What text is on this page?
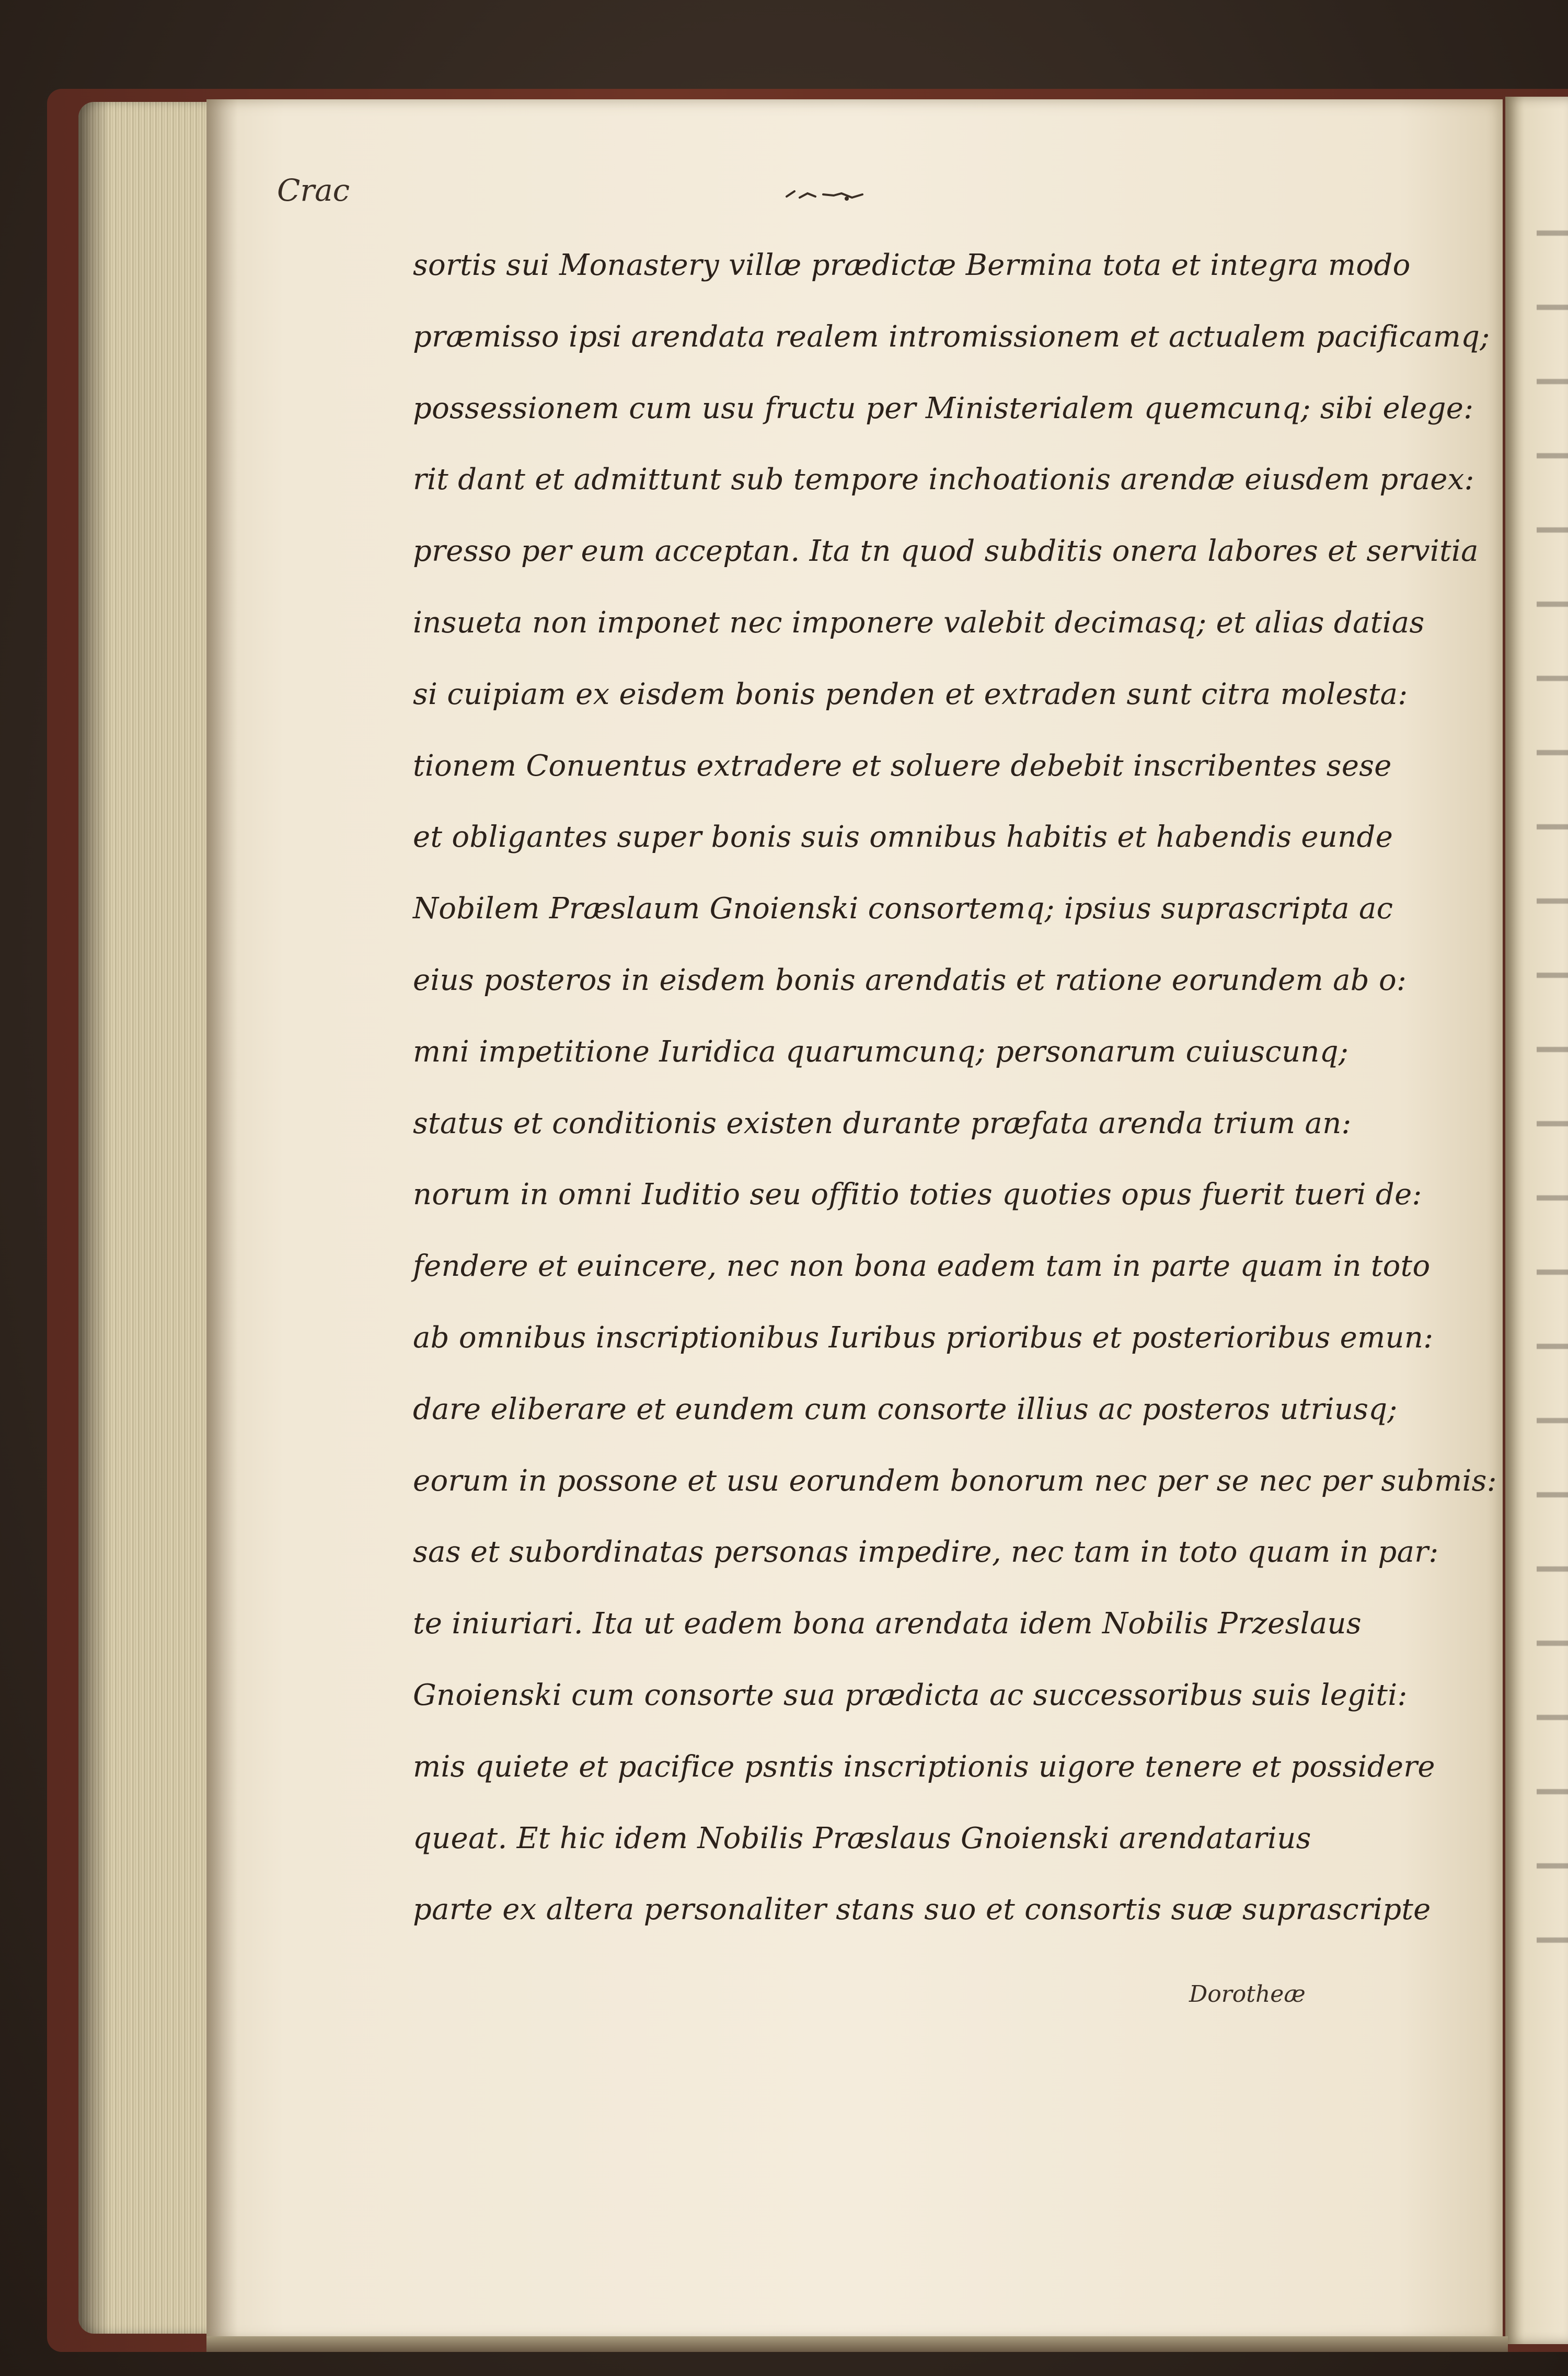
Crac
sortis sui Monastery villæ prædictæ Bermina tota et integra modo
præmisso ipsi arendata realem intromissionem et actualem pacificamq;
possessionem cum usu fructu per Ministerialem quemcunq; sibi elege:
rit dant et admittunt sub tempore inchoationis arendæ eiusdem praex:
presso per eum acceptan. Ita tn quod subditis onera labores et servitia
insueta non imponet nec imponere valebit decimasq; et alias datias
si cuipiam ex eisdem bonis penden et extraden sunt citra molesta:
tionem Conuentus extradere et soluere debebit inscribentes sese
et obligantes super bonis suis omnibus habitis et habendis eunde
Nobilem Præslaum Gnoienski consortemq; ipsius suprascripta ac
eius posteros in eisdem bonis arendatis et ratione eorundem ab o:
mni impetitione Iuridica quarumcunq; personarum cuiuscunq;
status et conditionis existen durante præfata arenda trium an:
norum in omni Iuditio seu offitio toties quoties opus fuerit tueri de:
fendere et euincere, nec non bona eadem tam in parte quam in toto
ab omnibus inscriptionibus Iuribus prioribus et posterioribus emun:
dare eliberare et eundem cum consorte illius ac posteros utriusq;
eorum in possone et usu eorundem bonorum nec per se nec per submis:
sas et subordinatas personas impedire, nec tam in toto quam in par:
te iniuriari. Ita ut eadem bona arendata idem Nobilis Przeslaus
Gnoienski cum consorte sua prædicta ac successoribus suis legiti:
mis quiete et pacifice psntis inscriptionis uigore tenere et possidere
queat. Et hic idem Nobilis Præslaus Gnoienski arendatarius
parte ex altera personaliter stans suo et consortis suæ suprascripte
Dorotheæ
